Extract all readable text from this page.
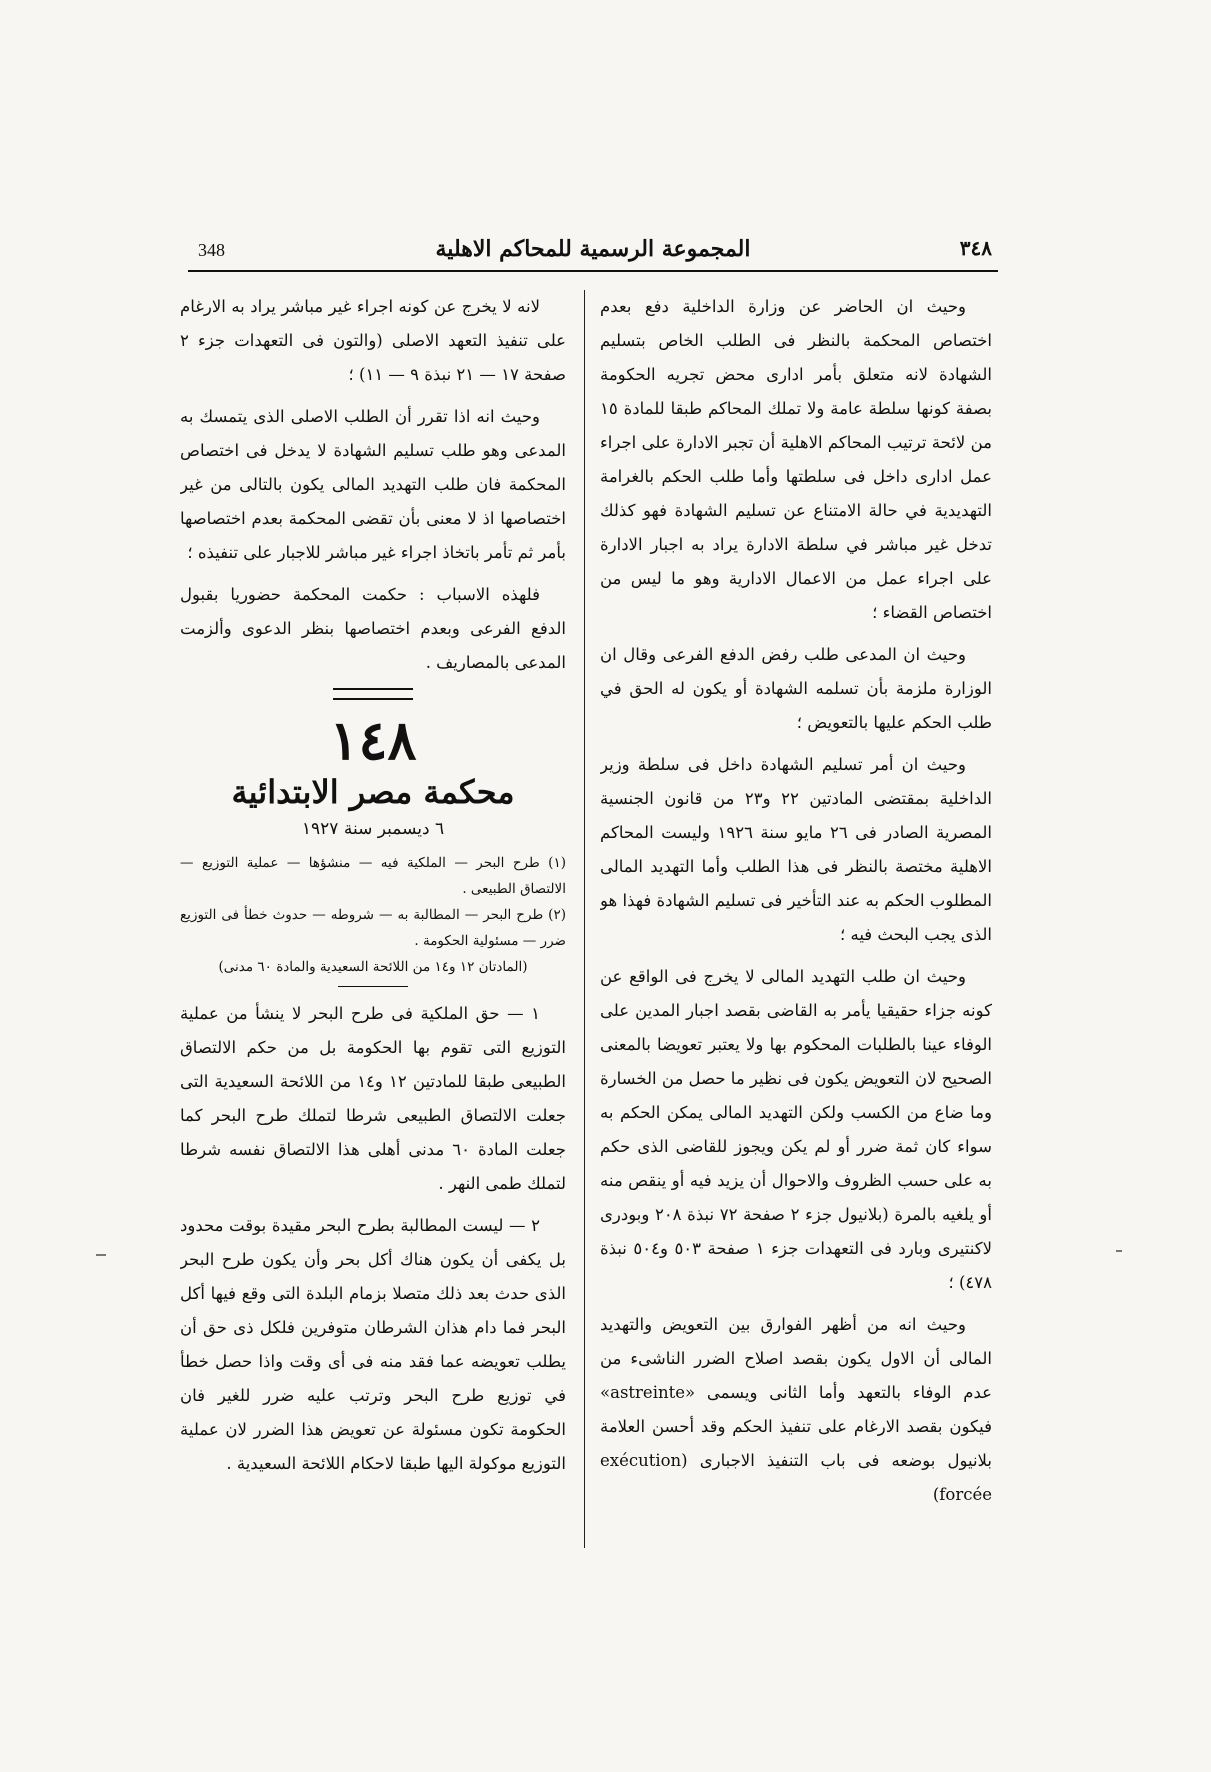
٣٤٨
المجموعة الرسمية للمحاكم الاهلية
348

وحيث ان الحاضر عن وزارة الداخلية دفع بعدم اختصاص المحكمة بالنظر فى الطلب الخاص بتسليم الشهادة لانه متعلق بأمر ادارى محض تجريه الحكومة بصفة كونها سلطة عامة ولا تملك المحاكم طبقا للمادة ١٥ من لائحة ترتيب المحاكم الاهلية أن تجبر الادارة على اجراء عمل ادارى داخل فى سلطتها وأما طلب الحكم بالغرامة التهديدية في حالة الامتناع عن تسليم الشهادة فهو كذلك تدخل غير مباشر في سلطة الادارة يراد به اجبار الادارة على اجراء عمل من الاعمال الادارية وهو ما ليس من اختصاص القضاء ؛

وحيث ان المدعى طلب رفض الدفع الفرعى وقال ان الوزارة ملزمة بأن تسلمه الشهادة أو يكون له الحق في طلب الحكم عليها بالتعويض ؛

وحيث ان أمر تسليم الشهادة داخل فى سلطة وزير الداخلية بمقتضى المادتين ٢٢ و٢٣ من قانون الجنسية المصرية الصادر فى ٢٦ مايو سنة ١٩٢٦ وليست المحاكم الاهلية مختصة بالنظر فى هذا الطلب وأما التهديد المالى المطلوب الحكم به عند التأخير فى تسليم الشهادة فهذا هو الذى يجب البحث فيه ؛

وحيث ان طلب التهديد المالى لا يخرج فى الواقع عن كونه جزاء حقيقيا يأمر به القاضى بقصد اجبار المدين على الوفاء عينا بالطلبات المحكوم بها ولا يعتبر تعويضا بالمعنى الصحيح لان التعويض يكون فى نظير ما حصل من الخسارة وما ضاع من الكسب ولكن التهديد المالى يمكن الحكم به سواء كان ثمة ضرر أو لم يكن ويجوز للقاضى الذى حكم به على حسب الظروف والاحوال أن يزيد فيه أو ينقص منه أو يلغيه بالمرة (بلانيول جزء ٢ صفحة ٧٢ نبذة ٢٠٨ وبودرى لاكنتيرى وبارد فى التعهدات جزء ١ صفحة ٥٠٣ و٥٠٤ نبذة ٤٧٨) ؛

وحيث انه من أظهر الفوارق بين التعويض والتهديد المالى أن الاول يكون بقصد اصلاح الضرر الناشىء من عدم الوفاء بالتعهد وأما الثانى ويسمى «astreinte» فيكون بقصد الارغام على تنفيذ الحكم وقد أحسن العلامة بلانيول بوضعه فى باب التنفيذ الاجبارى (exécution forcée)

لانه لا يخرج عن كونه اجراء غير مباشر يراد به الارغام على تنفيذ التعهد الاصلى (والتون فى التعهدات جزء ٢ صفحة ١٧ — ٢١ نبذة ٩ — ١١) ؛

وحيث انه اذا تقرر أن الطلب الاصلى الذى يتمسك به المدعى وهو طلب تسليم الشهادة لا يدخل فى اختصاص المحكمة فان طلب التهديد المالى يكون بالتالى من غير اختصاصها اذ لا معنى بأن تقضى المحكمة بعدم اختصاصها بأمر ثم تأمر باتخاذ اجراء غير مباشر للاجبار على تنفيذه ؛

فلهذه الاسباب : حكمت المحكمة حضوريا بقبول الدفع الفرعى وبعدم اختصاصها بنظر الدعوى وألزمت المدعى بالمصاريف .

١٤٨
محكمة مصر الابتدائية
٦ ديسمبر سنة ١٩٢٧

(١) طرح البحر — الملكية فيه — منشؤها — عملية التوزيع — الالتصاق الطبيعى .

(٢) طرح البحر — المطالبة به — شروطه — حدوث خطأ فى التوزيع ضرر — مسئولية الحكومة .

(المادتان ١٢ و١٤ من اللائحة السعيدية والمادة ٦٠ مدنى)

١ — حق الملكية فى طرح البحر لا ينشأ من عملية التوزيع التى تقوم بها الحكومة بل من حكم الالتصاق الطبيعى طبقا للمادتين ١٢ و١٤ من اللائحة السعيدية التى جعلت الالتصاق الطبيعى شرطا لتملك طرح البحر كما جعلت المادة ٦٠ مدنى أهلى هذا الالتصاق نفسه شرطا لتملك طمى النهر .

٢ — ليست المطالبة بطرح البحر مقيدة بوقت محدود بل يكفى أن يكون هناك أكل بحر وأن يكون طرح البحر الذى حدث بعد ذلك متصلا بزمام البلدة التى وقع فيها أكل البحر فما دام هذان الشرطان متوفرين فلكل ذى حق أن يطلب تعويضه عما فقد منه فى أى وقت واذا حصل خطأ في توزيع طرح البحر وترتب عليه ضرر للغير فان الحكومة تكون مسئولة عن تعويض هذا الضرر لان عملية التوزيع موكولة اليها طبقا لاحكام اللائحة السعيدية .
